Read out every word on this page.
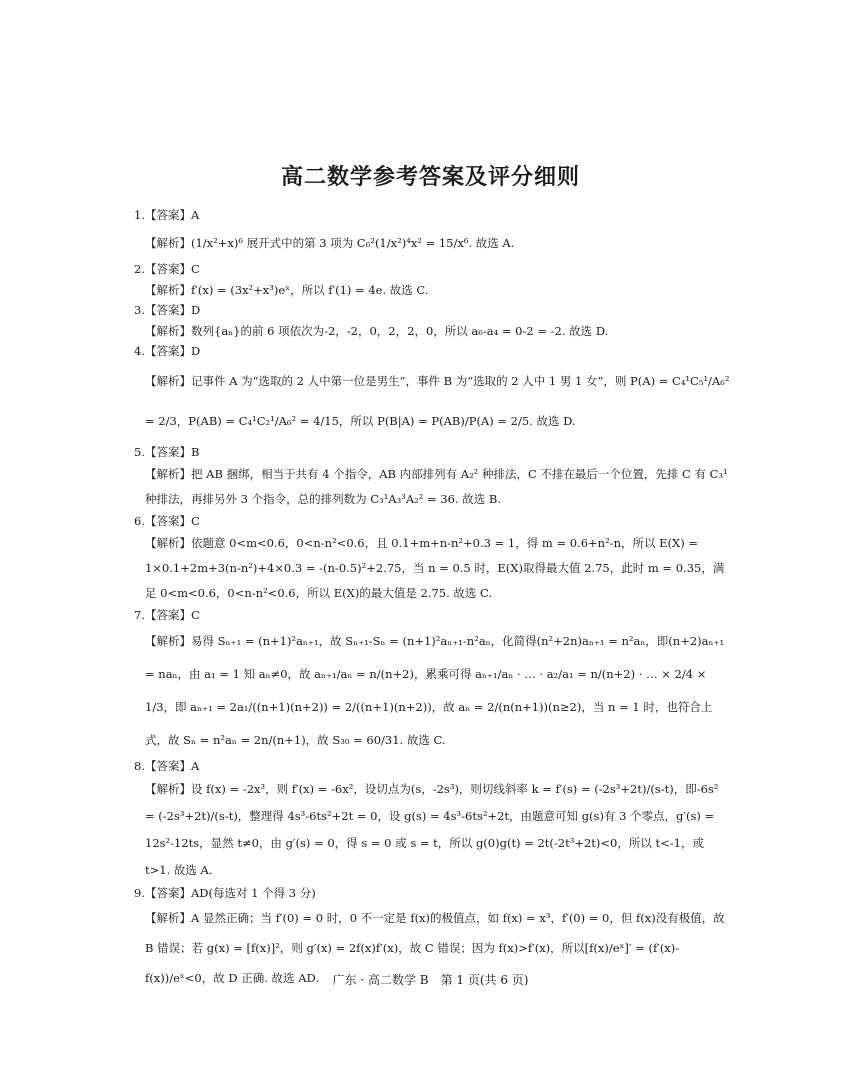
高二数学参考答案及评分细则
1.【答案】A
【解析】(1/x²+x)⁶ 展开式中的第 3 项为 C₆²(1/x²)⁴x² = 15/x⁶. 故选 A.
2.【答案】C
【解析】f′(x) = (3x²+x³)eˣ，所以 f′(1) = 4e. 故选 C.
3.【答案】D
【解析】数列{aₙ}的前 6 项依次为-2，-2，0，2，2，0，所以 a₆-a₄ = 0-2 = -2. 故选 D.
4.【答案】D
【解析】记事件 A 为“选取的 2 人中第一位是男生”，事件 B 为“选取的 2 人中 1 男 1 女”，则 P(A) = C₄¹C₅¹/A₆² = 2/3，P(AB) = C₄¹C₂¹/A₆² = 4/15，所以 P(B|A) = P(AB)/P(A) = 2/5. 故选 D.
5.【答案】B
【解析】把 AB 捆绑，相当于共有 4 个指令，AB 内部排列有 A₂² 种排法，C 不排在最后一个位置，先排 C 有 C₃¹ 种排法，再排另外 3 个指令，总的排列数为 C₃¹A₃³A₂² = 36. 故选 B.
6.【答案】C
【解析】依题意 0<m<0.6，0<n-n²<0.6，且 0.1+m+n-n²+0.3 = 1，得 m = 0.6+n²-n，所以 E(X) = 1×0.1+2m+3(n-n²)+4×0.3 = -(n-0.5)²+2.75，当 n = 0.5 时，E(X)取得最大值 2.75，此时 m = 0.35，满足 0<m<0.6，0<n-n²<0.6，所以 E(X)的最大值是 2.75. 故选 C.
7.【答案】C
【解析】易得 Sₙ₊₁ = (n+1)²aₙ₊₁，故 Sₙ₊₁-Sₙ = (n+1)²aₙ₊₁-n²aₙ，化简得(n²+2n)aₙ₊₁ = n²aₙ，即(n+2)aₙ₊₁ = naₙ，由 a₁ = 1 知 aₙ≠0，故 aₙ₊₁/aₙ = n/(n+2)，累乘可得 aₙ₊₁/aₙ · … · a₂/a₁ = n/(n+2) · … × 2/4 × 1/3，即 aₙ₊₁ = 2a₁/((n+1)(n+2)) = 2/((n+1)(n+2))，故 aₙ = 2/(n(n+1))(n≥2)，当 n = 1 时，也符合上式，故 Sₙ = n²aₙ = 2n/(n+1)，故 S₃₀ = 60/31. 故选 C.
8.【答案】A
【解析】设 f(x) = -2x³，则 f′(x) = -6x²，设切点为(s，-2s³)，则切线斜率 k = f′(s) = (-2s³+2t)/(s-t)，即-6s² = (-2s³+2t)/(s-t)，整理得 4s³-6ts²+2t = 0，设 g(s) = 4s³-6ts²+2t，由题意可知 g(s)有 3 个零点，g′(s) = 12s²-12ts，显然 t≠0，由 g′(s) = 0，得 s = 0 或 s = t，所以 g(0)g(t) = 2t(-2t³+2t)<0，所以 t<-1，或 t>1. 故选 A.
9.【答案】AD(每选对 1 个得 3 分)
【解析】A 显然正确；当 f′(0) = 0 时，0 不一定是 f(x)的极值点，如 f(x) = x³，f′(0) = 0，但 f(x)没有极值，故 B 错误；若 g(x) = [f(x)]²，则 g′(x) = 2f(x)f′(x)，故 C 错误；因为 f(x)>f′(x)，所以[f(x)/eˣ]′ = (f′(x)-f(x))/eˣ<0，故 D 正确. 故选 AD.	广东 · 高二数学 B　第 1 页(共 6 页)
